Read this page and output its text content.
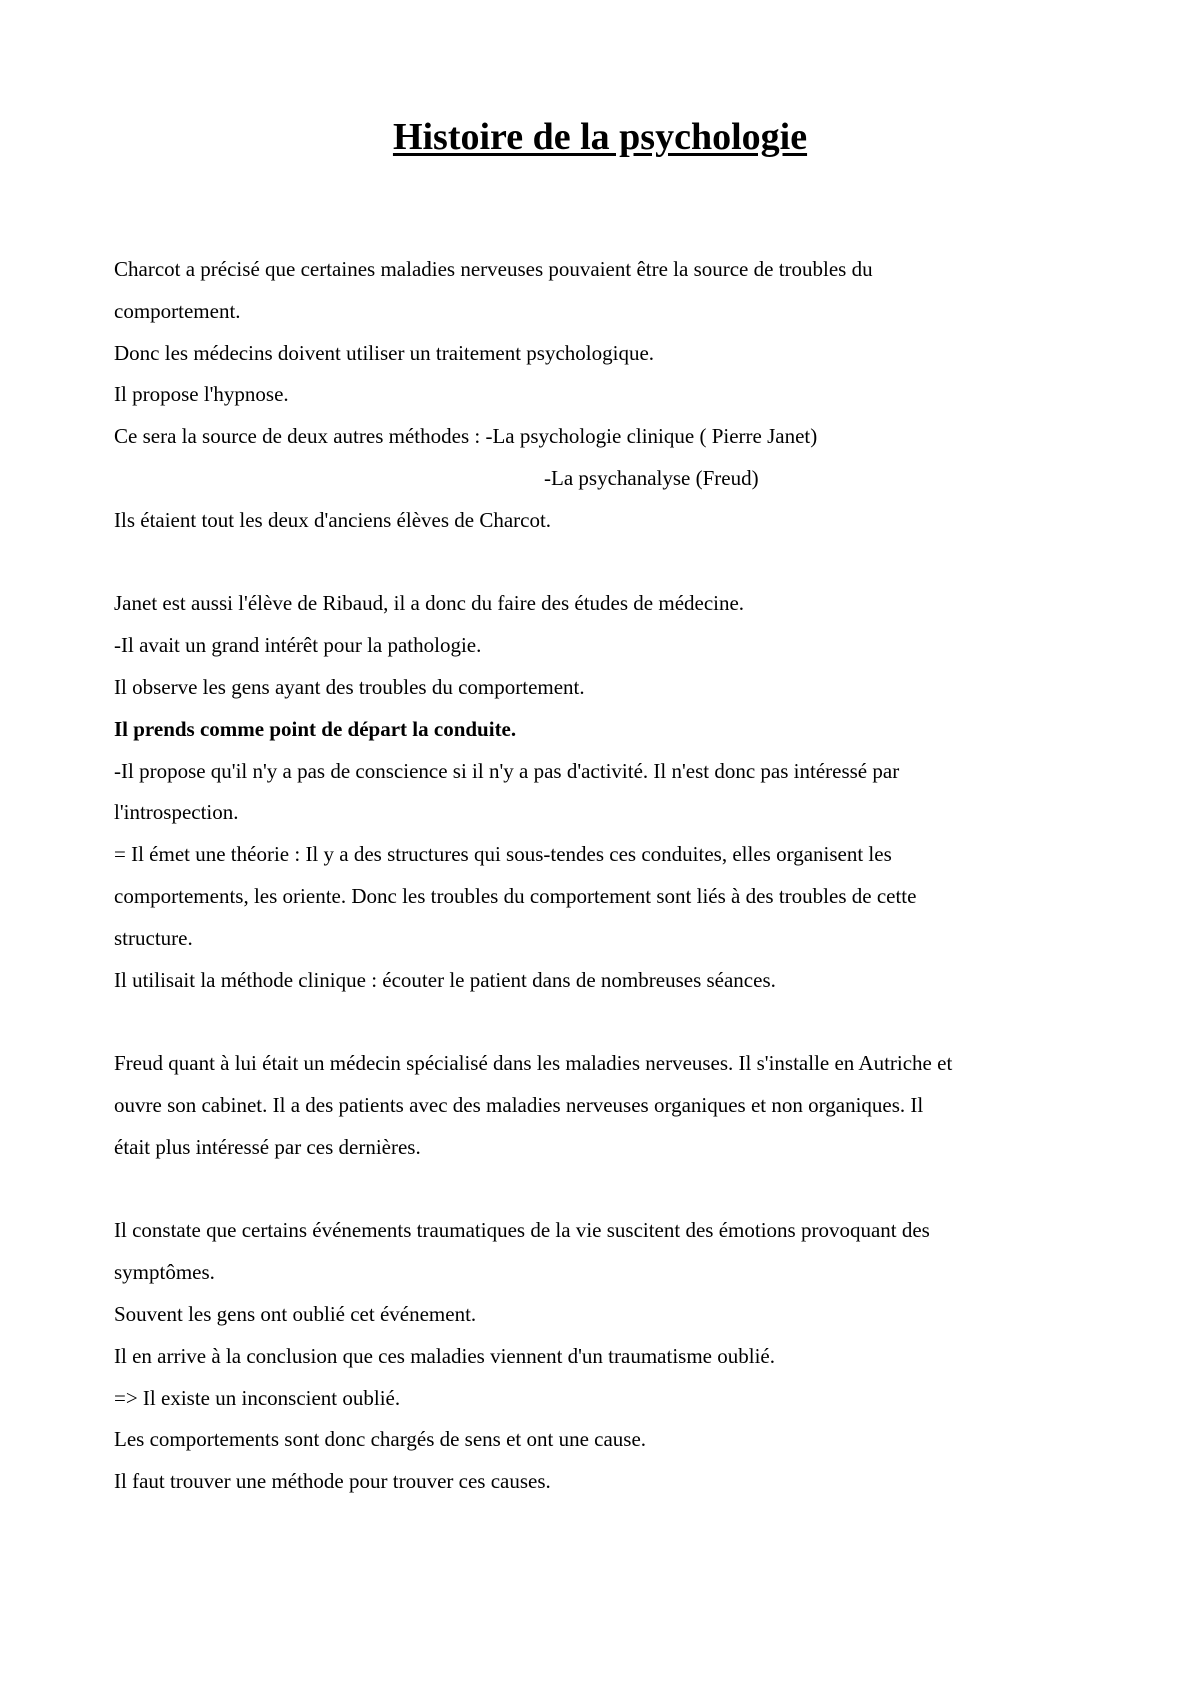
Histoire de la psychologie
Charcot a précisé que certaines maladies nerveuses pouvaient être la source de troubles du
comportement.
Donc les médecins doivent utiliser un traitement psychologique.
Il propose l'hypnose.
Ce sera la source de deux autres méthodes : -La psychologie clinique ( Pierre Janet)
-La psychanalyse (Freud)
Ils étaient tout les deux d'anciens élèves de Charcot.
Janet est aussi l'élève de Ribaud, il a donc du faire des études de médecine.
-Il avait un grand intérêt pour la pathologie.
Il observe les gens ayant des troubles du comportement.
Il prends comme point de départ la conduite.
-Il propose qu'il n'y a pas de conscience si il n'y a pas d'activité. Il n'est donc pas intéressé par
l'introspection.
= Il émet une théorie : Il y a des structures qui sous-tendes ces conduites, elles organisent les
comportements, les oriente. Donc les troubles du comportement sont liés à des troubles de cette
structure.
Il utilisait la méthode clinique : écouter le patient dans de nombreuses séances.
Freud quant à lui était un médecin spécialisé dans les maladies nerveuses. Il s'installe en Autriche et
ouvre son cabinet. Il a des patients avec des maladies nerveuses organiques et non organiques. Il
était plus intéressé par ces dernières.
Il constate que certains événements traumatiques de la vie suscitent des émotions provoquant des
symptômes.
Souvent les gens ont oublié cet événement.
Il en arrive à la conclusion que ces maladies viennent d'un traumatisme oublié.
=> Il existe un inconscient oublié.
Les comportements sont donc chargés de sens et ont une cause.
Il faut trouver une méthode pour trouver ces causes.
